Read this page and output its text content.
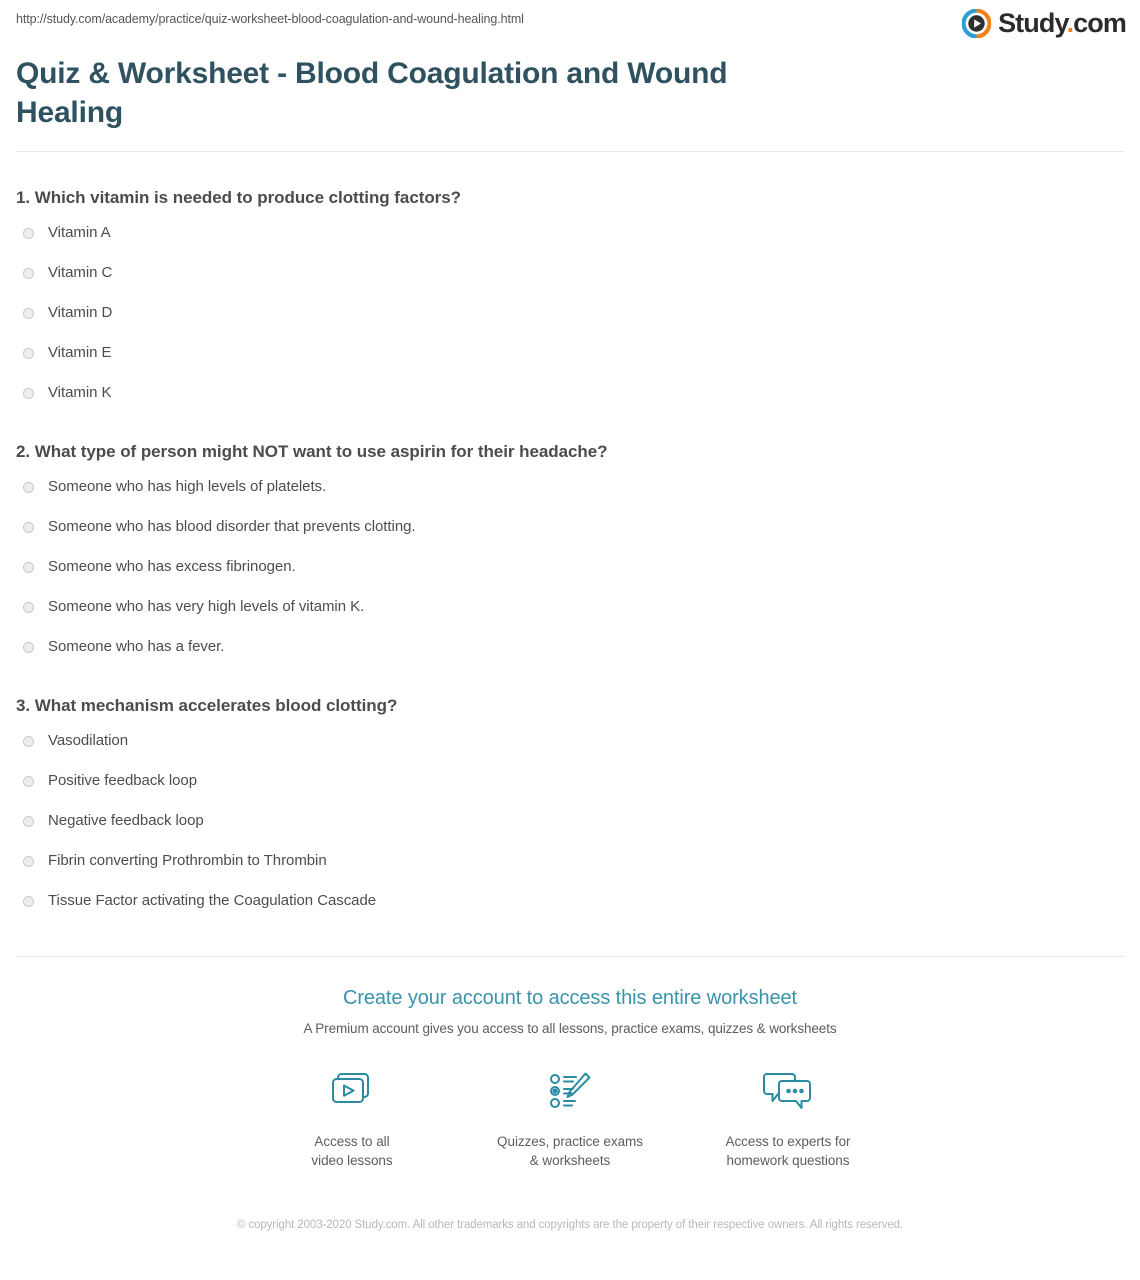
http://study.com/academy/practice/quiz-worksheet-blood-coagulation-and-wound-healing.html	Study.com
Quiz & Worksheet - Blood Coagulation and Wound Healing
1. Which vitamin is needed to produce clotting factors?
Vitamin A
Vitamin C
Vitamin D
Vitamin E
Vitamin K
2. What type of person might NOT want to use aspirin for their headache?
Someone who has high levels of platelets.
Someone who has blood disorder that prevents clotting.
Someone who has excess fibrinogen.
Someone who has very high levels of vitamin K.
Someone who has a fever.
3. What mechanism accelerates blood clotting?
Vasodilation
Positive feedback loop
Negative feedback loop
Fibrin converting Prothrombin to Thrombin
Tissue Factor activating the Coagulation Cascade
Create your account to access this entire worksheet
A Premium account gives you access to all lessons, practice exams, quizzes & worksheets
Access to all
video lessons
Quizzes, practice exams
& worksheets
Access to experts for
homework questions
© copyright 2003-2020 Study.com. All other trademarks and copyrights are the property of their respective owners. All rights reserved.
